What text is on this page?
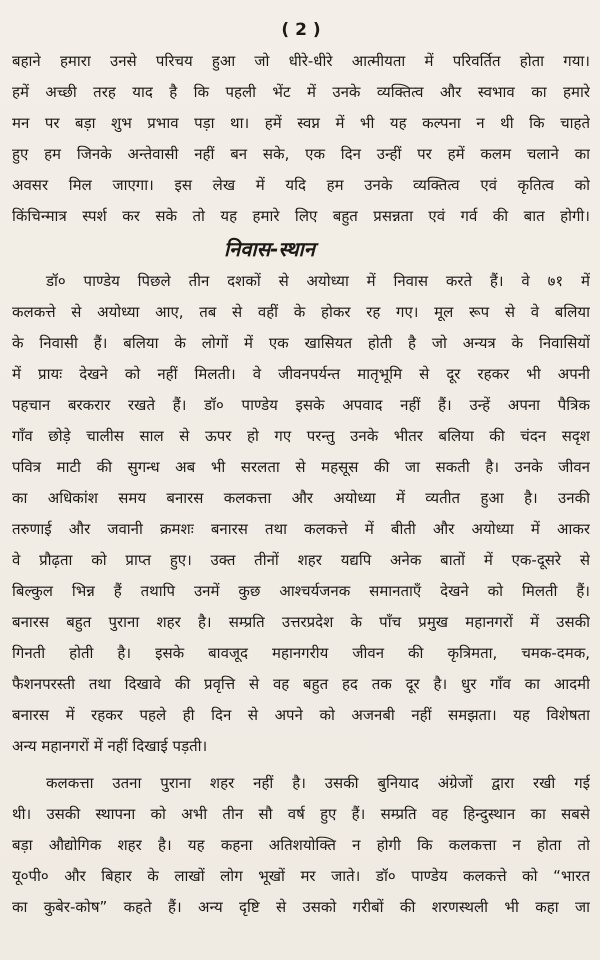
( 2 )
बहाने हमारा उनसे परिचय हुआ जो धीरे-धीरे आत्मीयता में परिवर्तित होता गया।
हमें अच्छी तरह याद है कि पहली भेंट में उनके व्यक्तित्व और स्वभाव का हमारे
मन पर बड़ा शुभ प्रभाव पड़ा था। हमें स्वप्न में भी यह कल्पना न थी कि चाहते
हुए हम जिनके अन्तेवासी नहीं बन सके, एक दिन उन्हीं पर हमें कलम चलाने का
अवसर मिल जाएगा। इस लेख में यदि हम उनके व्यक्तित्व एवं कृतित्व को
किंचिन्मात्र स्पर्श कर सके तो यह हमारे लिए बहुत प्रसन्नता एवं गर्व की बात होगी।
निवास-स्थान
डॉ० पाण्डेय पिछले तीन दशकों से अयोध्या में निवास करते हैं। वे ७१ में
कलकत्ते से अयोध्या आए, तब से वहीं के होकर रह गए। मूल रूप से वे बलिया
के निवासी हैं। बलिया के लोगों में एक खासियत होती है जो अन्यत्र के निवासियों
में प्रायः देखने को नहीं मिलती। वे जीवनपर्यन्त मातृभूमि से दूर रहकर भी अपनी
पहचान बरकरार रखते हैं। डॉ० पाण्डेय इसके अपवाद नहीं हैं। उन्हें अपना पैत्रिक
गाँव छोड़े चालीस साल से ऊपर हो गए परन्तु उनके भीतर बलिया की चंदन सदृश
पवित्र माटी की सुगन्ध अब भी सरलता से महसूस की जा सकती है। उनके जीवन
का अधिकांश समय बनारस कलकत्ता और अयोध्या में व्यतीत हुआ है। उनकी
तरुणाई और जवानी क्रमशः बनारस तथा कलकत्ते में बीती और अयोध्या में आकर
वे प्रौढ़ता को प्राप्त हुए। उक्त तीनों शहर यद्यपि अनेक बातों में एक-दूसरे से
बिल्कुल भिन्न हैं तथापि उनमें कुछ आश्चर्यजनक समानताएँ देखने को मिलती हैं।
बनारस बहुत पुराना शहर है। सम्प्रति उत्तरप्रदेश के पाँच प्रमुख महानगरों में उसकी
गिनती होती है। इसके बावजूद महानगरीय जीवन की कृत्रिमता, चमक-दमक,
फैशनपरस्ती तथा दिखावे की प्रवृत्ति से वह बहुत हद तक दूर है। धुर गाँव का आदमी
बनारस में रहकर पहले ही दिन से अपने को अजनबी नहीं समझता। यह विशेषता
अन्य महानगरों में नहीं दिखाई पड़ती।
कलकत्ता उतना पुराना शहर नहीं है। उसकी बुनियाद अंग्रेजों द्वारा रखी गई
थी। उसकी स्थापना को अभी तीन सौ वर्ष हुए हैं। सम्प्रति वह हिन्दुस्थान का सबसे
बड़ा औद्योगिक शहर है। यह कहना अतिशयोक्ति न होगी कि कलकत्ता न होता तो
यू०पी० और बिहार के लाखों लोग भूखों मर जाते। डॉ० पाण्डेय कलकत्ते को “भारत
का कुबेर-कोष” कहते हैं। अन्य दृष्टि से उसको गरीबों की शरणस्थली भी कहा जा
